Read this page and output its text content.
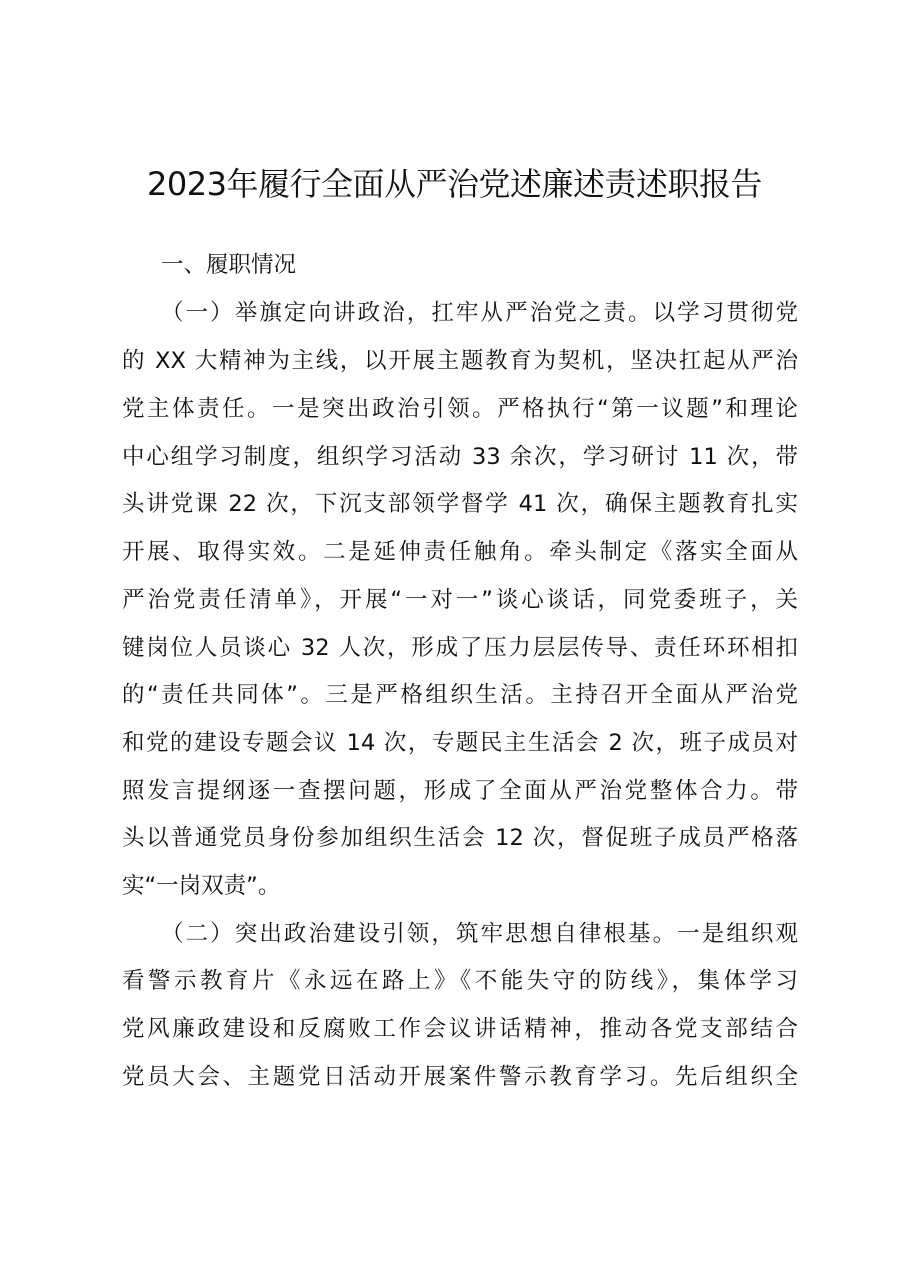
2023年履行全面从严治党述廉述责述职报告
一、履职情况
（一）举旗定向讲政治，扛牢从严治党之责。以学习贯彻党
的 XX 大精神为主线，以开展主题教育为契机，坚决扛起从严治
党主体责任。一是突出政治引领。严格执行“第一议题”和理论
中心组学习制度，组织学习活动 33 余次，学习研讨 11 次，带
头讲党课 22 次，下沉支部领学督学 41 次，确保主题教育扎实
开展、取得实效。二是延伸责任触角。牵头制定《落实全面从
严治党责任清单》，开展“一对一”谈心谈话，同党委班子，关
键岗位人员谈心 32 人次，形成了压力层层传导、责任环环相扣
的“责任共同体”。三是严格组织生活。主持召开全面从严治党
和党的建设专题会议 14 次，专题民主生活会 2 次，班子成员对
照发言提纲逐一查摆问题，形成了全面从严治党整体合力。带
头以普通党员身份参加组织生活会 12 次，督促班子成员严格落
实“一岗双责”。
（二）突出政治建设引领，筑牢思想自律根基。一是组织观
看警示教育片《永远在路上》《不能失守的防线》，集体学习
党风廉政建设和反腐败工作会议讲话精神，推动各党支部结合
党员大会、主题党日活动开展案件警示教育学习。先后组织全
